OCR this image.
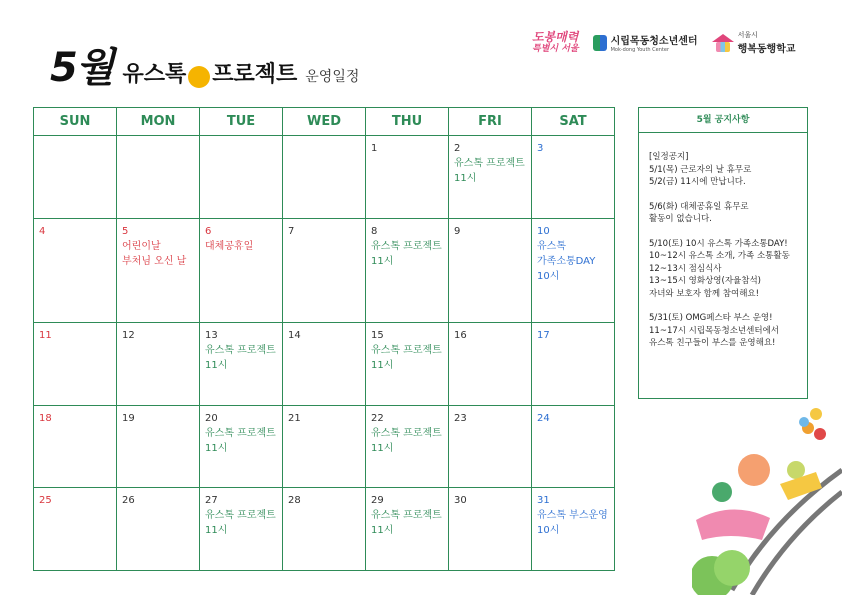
5월 유스톡 프로젝트 운영일정
도봉매력
특별시 서울
시립목동청소년센터
Mok-dong Youth Center
서울시
행복동행학교
SUN	MON	TUE	WED	THU	FRI	SAT

				1	2
유스톡 프로젝트
11시	3

4	5
어린이날
부처님 오신 날	6
대체공휴일	7	8
유스톡 프로젝트
11시	9	10
유스톡
가족소통DAY
10시

11	12	13
유스톡 프로젝트
11시	14	15
유스톡 프로젝트
11시	16	17

18	19	20
유스톡 프로젝트
11시	21	22
유스톡 프로젝트
11시	23	24

25	26	27
유스톡 프로젝트
11시	28	29
유스톡 프로젝트
11시	30	31
유스톡 부스운영
10시
5월 공지사항

[일정공지]
5/1(목) 근로자의 날 휴무로
5/2(금) 11시에 만납니다.

5/6(화) 대체공휴일 휴무로
활동이 없습니다.

5/10(토) 10시 유스톡 가족소통DAY!
10~12시 유스톡 소개, 가족 소통활동
12~13시 점심식사
13~15시 영화상영(자율참석)
자녀와 보호자 함께 참여해요!

5/31(토) OMG페스타 부스 운영!
11~17시 시립목동청소년센터에서
유스톡 친구들이 부스를 운영해요!
